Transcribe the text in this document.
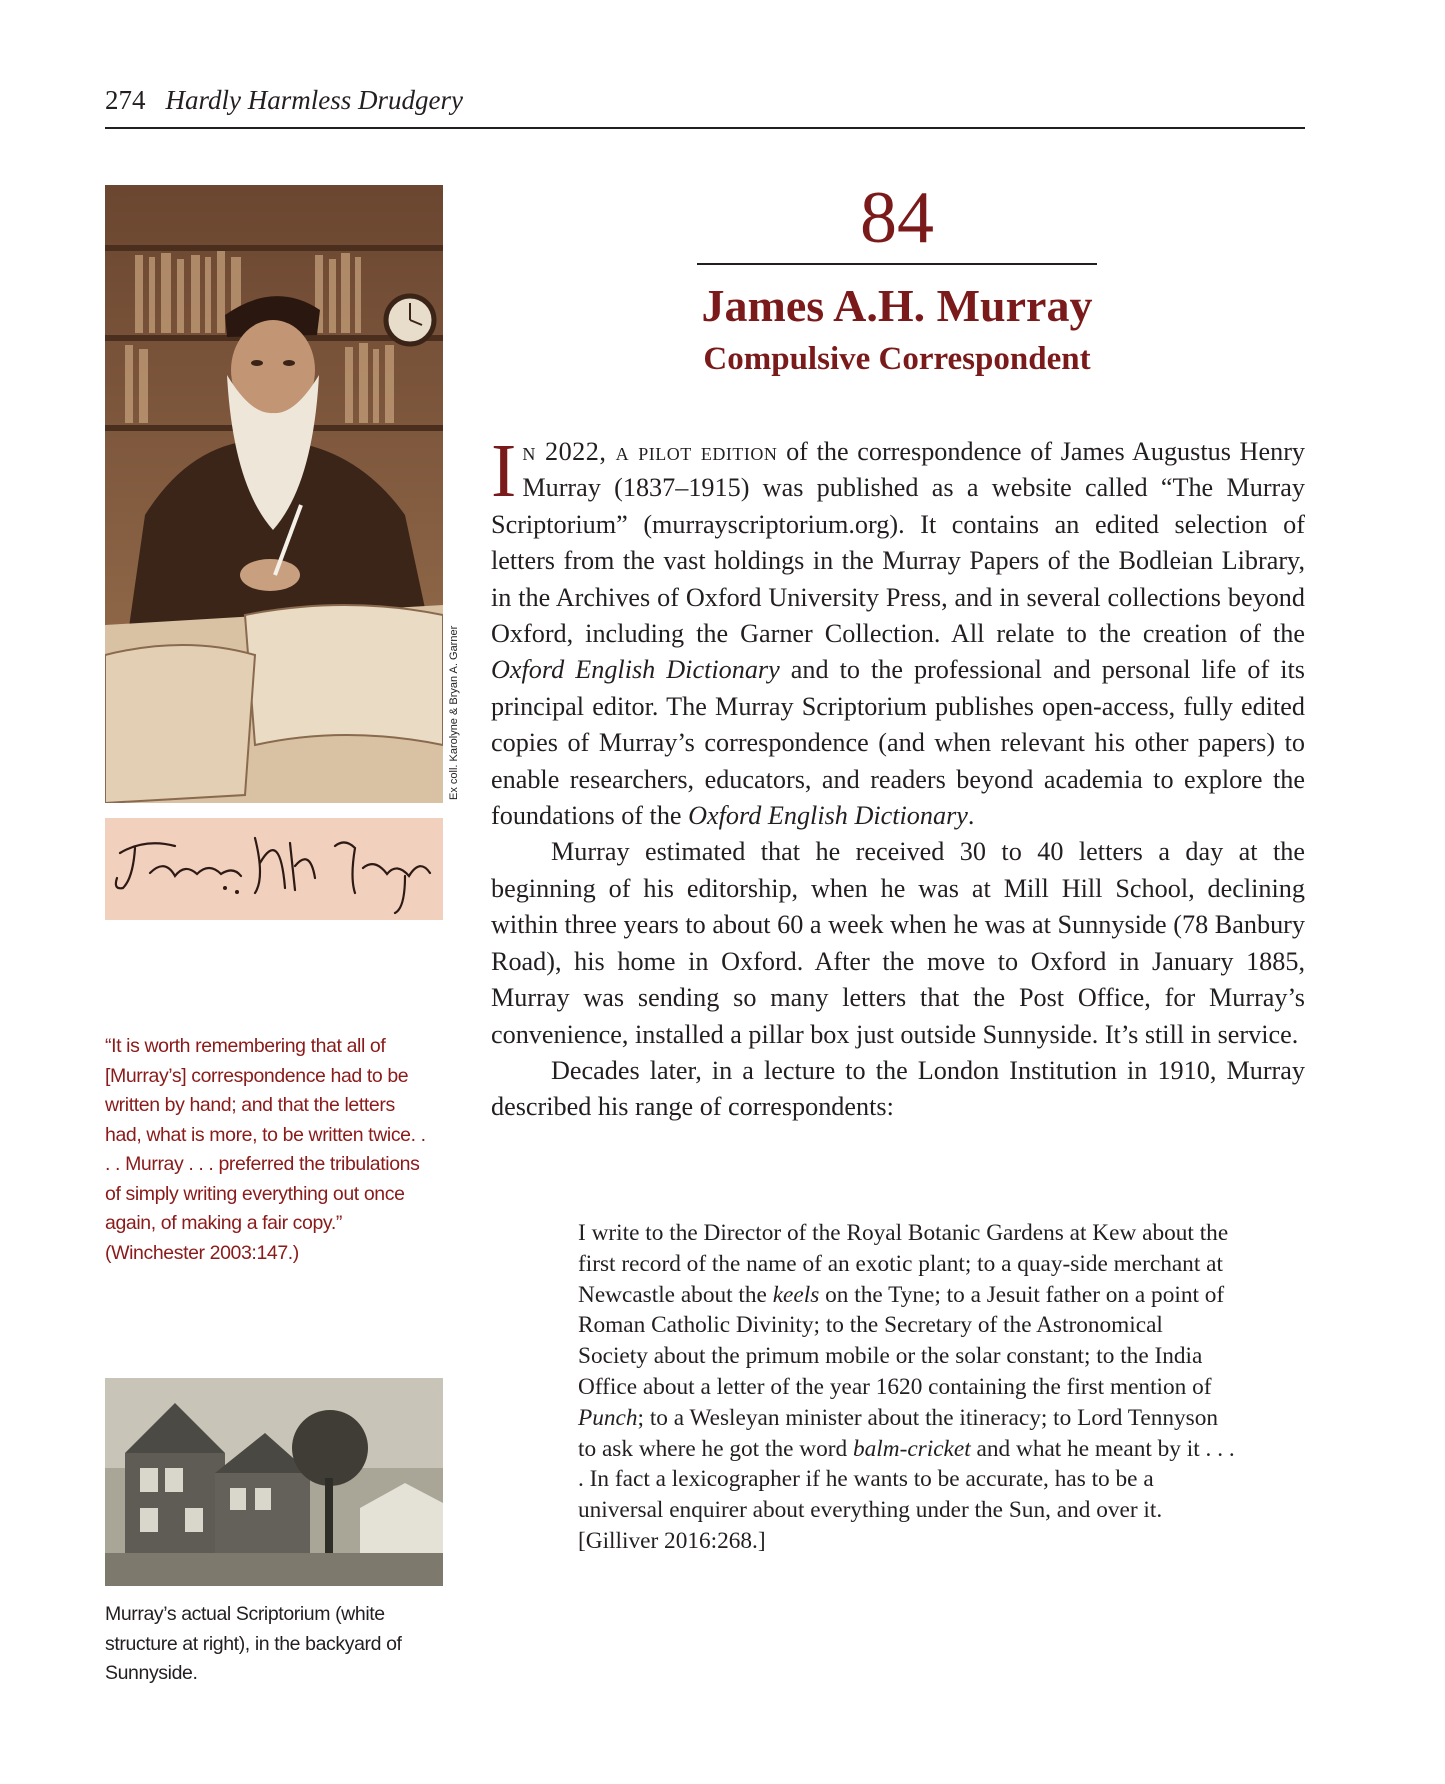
274 Hardly Harmless Drudgery
Ex coll. Karolyne & Bryan A. Garner
“It is worth remembering that all of [Murray’s] correspondence had to be written by hand; and that the letters had, what is more, to be written twice. . . . Murray . . . preferred the tribulations of simply writing everything out once again, of making a fair copy.” (Winchester 2003:147.)
Murray’s actual Scriptorium (white structure at right), in the backyard of Sunnyside.
84
James A.H. Murray
Compulsive Correspondent

In 2022, a pilot edition of the correspondence of James Augustus Henry Murray (1837–1915) was published as a website called “The Murray Scriptorium” (murrayscriptorium.org). It contains an edited selection of letters from the vast holdings in the Murray Papers of the Bodleian Library, in the Archives of Oxford University Press, and in several collections beyond Oxford, including the Garner Collection. All relate to the creation of the Oxford English Dictionary and to the professional and personal life of its principal editor. The Murray Scriptorium publishes open-access, fully edited copies of Murray’s correspondence (and when relevant his other papers) to enable researchers, educators, and readers beyond academia to explore the foundations of the Oxford English Dictionary.

Murray estimated that he received 30 to 40 letters a day at the beginning of his editorship, when he was at Mill Hill School, declining within three years to about 60 a week when he was at Sunnyside (78 Banbury Road), his home in Oxford. After the move to Oxford in January 1885, Murray was sending so many letters that the Post Office, for Murray’s convenience, installed a pillar box just outside Sunnyside. It’s still in service.

Decades later, in a lecture to the London Institution in 1910, Murray described his range of correspondents:

I write to the Director of the Royal Botanic Gardens at Kew about the first record of the name of an exotic plant; to a quay-side merchant at Newcastle about the keels on the Tyne; to a Jesuit father on a point of Roman Catholic Divinity; to the Secretary of the Astronomical Society about the primum mobile or the solar constant; to the India Office about a letter of the year 1620 containing the first mention of Punch; to a Wesleyan minister about the itineracy; to Lord Tennyson to ask where he got the word balm-cricket and what he meant by it . . . . In fact a lexicographer if he wants to be accurate, has to be a universal enquirer about everything under the Sun, and over it. [Gilliver 2016:268.]
